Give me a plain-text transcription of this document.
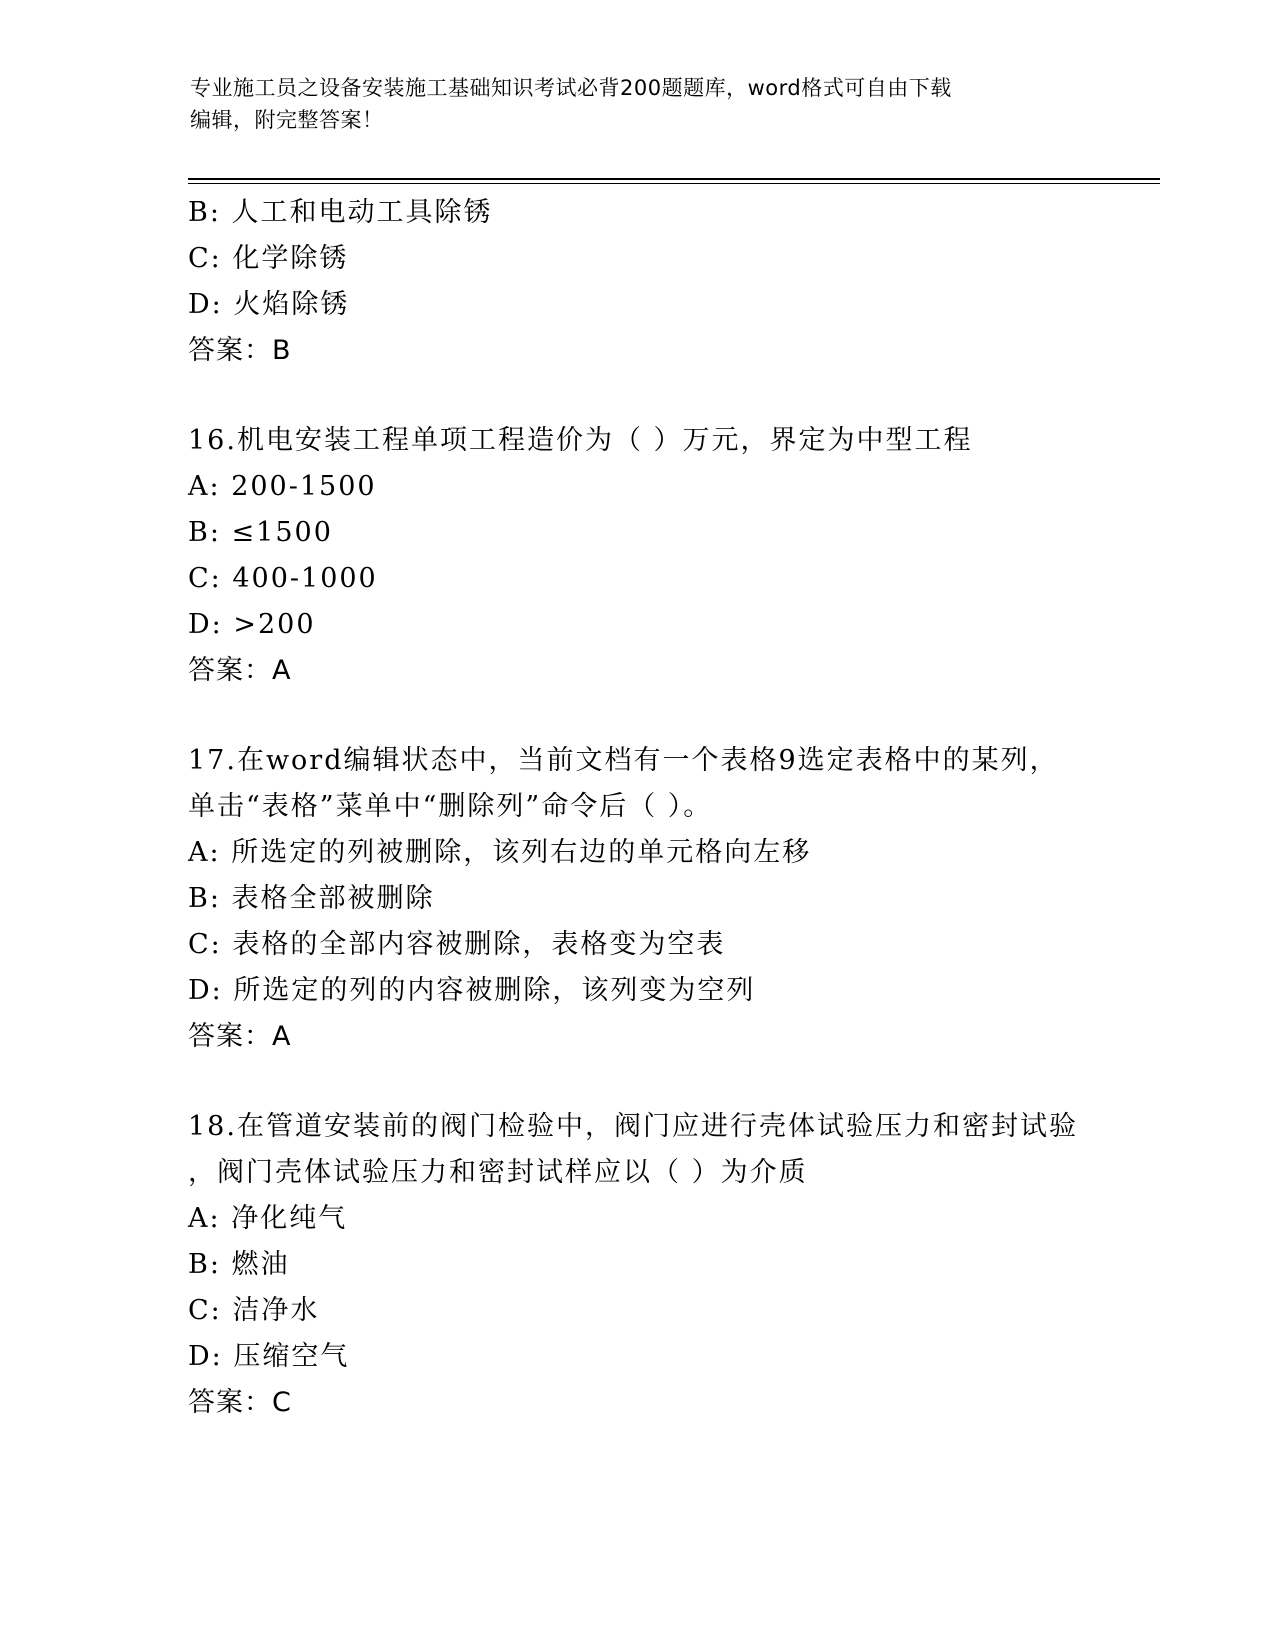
专业施工员之设备安装施工基础知识考试必背200题题库，word格式可自由下载
编辑，附完整答案！
B: 人工和电动工具除锈
C: 化学除锈
D: 火焰除锈
答案：B
16.机电安装工程单项工程造价为（ ）万元，界定为中型工程
A: 200-1500
B: ≤1500
C: 400-1000
D: >200
答案：A
17.在word编辑状态中，当前文档有一个表格9选定表格中的某列，
单击“表格”菜单中“删除列”命令后（ ）。
A: 所选定的列被删除，该列右边的单元格向左移
B: 表格全部被删除
C: 表格的全部内容被删除，表格变为空表
D: 所选定的列的内容被删除，该列变为空列
答案：A
18.在管道安装前的阀门检验中，阀门应进行壳体试验压力和密封试验
，阀门壳体试验压力和密封试样应以（ ）为介质
A: 净化纯气
B: 燃油
C: 洁净水
D: 压缩空气
答案：C
